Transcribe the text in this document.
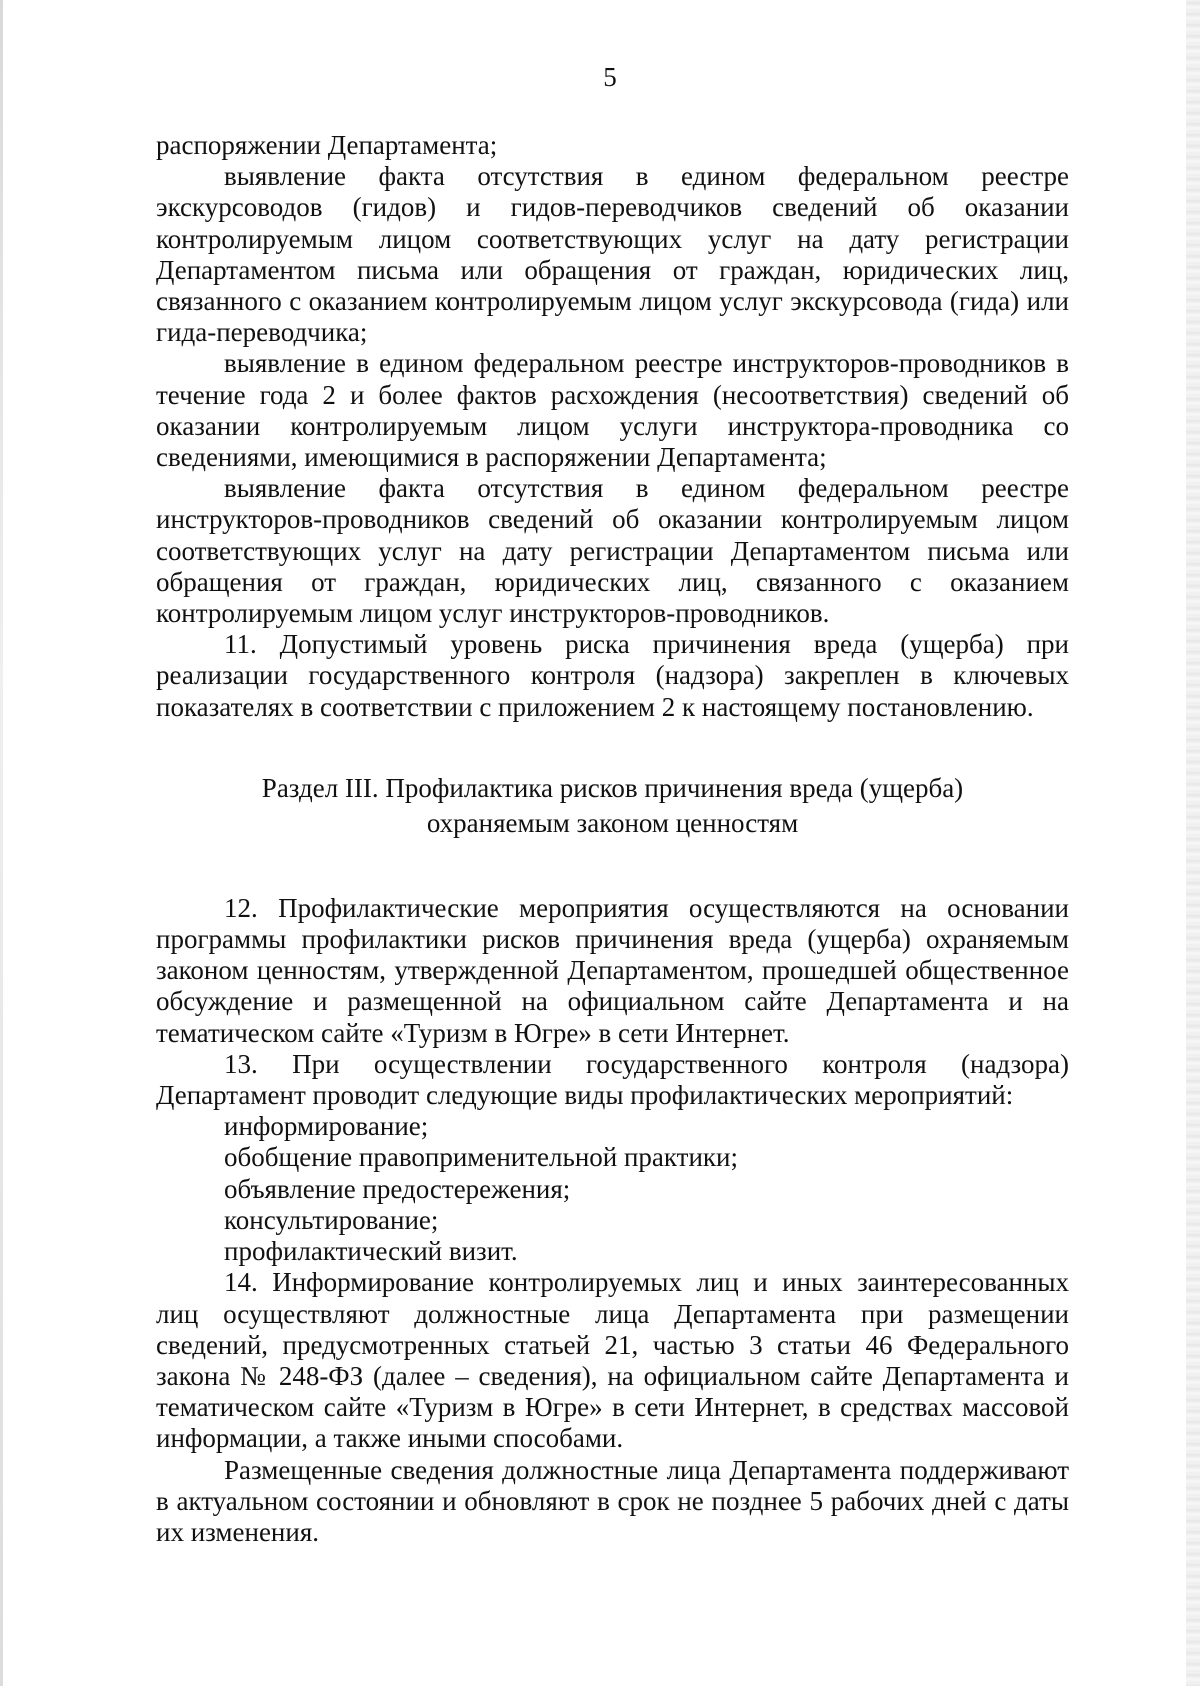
5

распоряжении Департамента;

выявление факта отсутствия в едином федеральном реестре экскурсоводов (гидов) и гидов-переводчиков сведений об оказании контролируемым лицом соответствующих услуг на дату регистрации Департаментом письма или обращения от граждан, юридических лиц, связанного с оказанием контролируемым лицом услуг экскурсовода (гида) или гида-переводчика;

выявление в едином федеральном реестре инструкторов-проводников в течение года 2 и более фактов расхождения (несоответствия) сведений об оказании контролируемым лицом услуги инструктора-проводника со сведениями, имеющимися в распоряжении Департамента;

выявление факта отсутствия в едином федеральном реестре инструкторов-проводников сведений об оказании контролируемым лицом соответствующих услуг на дату регистрации Департаментом письма или обращения от граждан, юридических лиц, связанного с оказанием контролируемым лицом услуг инструкторов-проводников.

11. Допустимый уровень риска причинения вреда (ущерба) при реализации государственного контроля (надзора) закреплен в ключевых показателях в соответствии с приложением 2 к настоящему постановлению.

Раздел III. Профилактика рисков причинения вреда (ущерба)
охраняемым законом ценностям

12. Профилактические мероприятия осуществляются на основании программы профилактики рисков причинения вреда (ущерба) охраняемым законом ценностям, утвержденной Департаментом, прошедшей общественное обсуждение и размещенной на официальном сайте Департамента и на тематическом сайте «Туризм в Югре» в сети Интернет.

13. При осуществлении государственного контроля (надзора) Департамент проводит следующие виды профилактических мероприятий:

информирование;

обобщение правоприменительной практики;

объявление предостережения;

консультирование;

профилактический визит.

14. Информирование контролируемых лиц и иных заинтересованных лиц осуществляют должностные лица Департамента при размещении сведений, предусмотренных статьей 21, частью 3 статьи 46 Федерального закона № 248-ФЗ (далее – сведения), на официальном сайте Департамента и тематическом сайте «Туризм в Югре» в сети Интернет, в средствах массовой информации, а также иными способами.

Размещенные сведения должностные лица Департамента поддерживают в актуальном состоянии и обновляют в срок не позднее 5 рабочих дней с даты их изменения.
